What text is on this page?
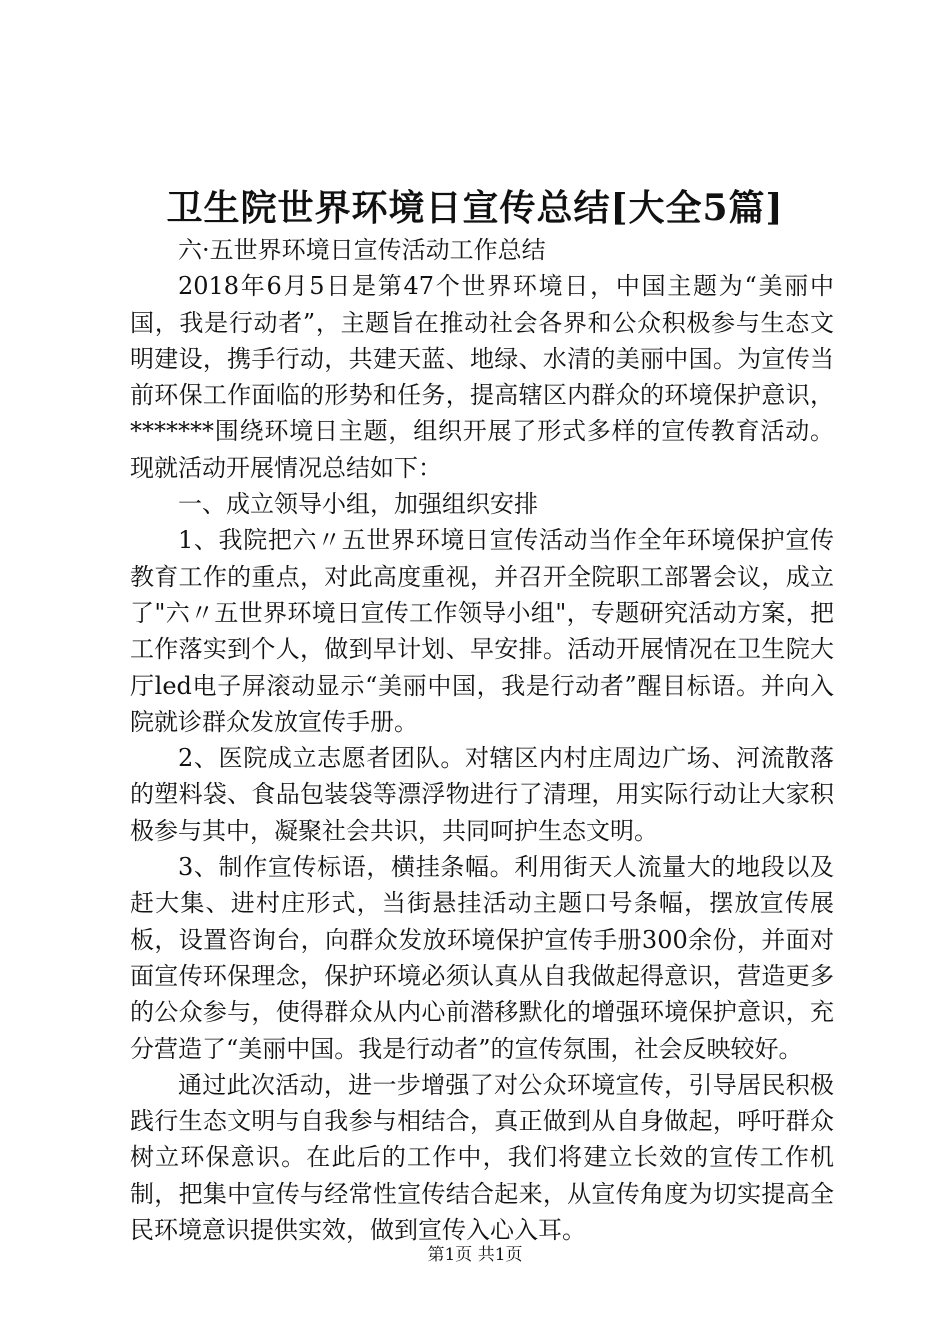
卫生院世界环境日宣传总结[大全5篇]

六·五世界环境日宣传活动工作总结

2018年6月5日是第47个世界环境日，中国主题为“美丽中国，我是行动者”，主题旨在推动社会各界和公众积极参与生态文明建设，携手行动，共建天蓝、地绿、水清的美丽中国。为宣传当前环保工作面临的形势和任务，提高辖区内群众的环境保护意识，*******围绕环境日主题，组织开展了形式多样的宣传教育活动。现就活动开展情况总结如下：

一、成立领导小组，加强组织安排

1、我院把六〃五世界环境日宣传活动当作全年环境保护宣传教育工作的重点，对此高度重视，并召开全院职工部署会议，成立了"六〃五世界环境日宣传工作领导小组"，专题研究活动方案，把工作落实到个人，做到早计划、早安排。活动开展情况在卫生院大厅led电子屏滚动显示“美丽中国，我是行动者”醒目标语。并向入院就诊群众发放宣传手册。

2、医院成立志愿者团队。对辖区内村庄周边广场、河流散落的塑料袋、食品包装袋等漂浮物进行了清理，用实际行动让大家积极参与其中，凝聚社会共识，共同呵护生态文明。

3、制作宣传标语，横挂条幅。利用街天人流量大的地段以及赶大集、进村庄形式，当街悬挂活动主题口号条幅，摆放宣传展板，设置咨询台，向群众发放环境保护宣传手册300余份，并面对面宣传环保理念，保护环境必须认真从自我做起得意识，营造更多的公众参与，使得群众从内心前潜移默化的增强环境保护意识，充分营造了“美丽中国。我是行动者”的宣传氛围，社会反映较好。

通过此次活动，进一步增强了对公众环境宣传，引导居民积极践行生态文明与自我参与相结合，真正做到从自身做起，呼吁群众树立环保意识。在此后的工作中，我们将建立长效的宣传工作机制，把集中宣传与经常性宣传结合起来，从宣传角度为切实提高全民环境意识提供实效，做到宣传入心入耳。

第1页 共1页
